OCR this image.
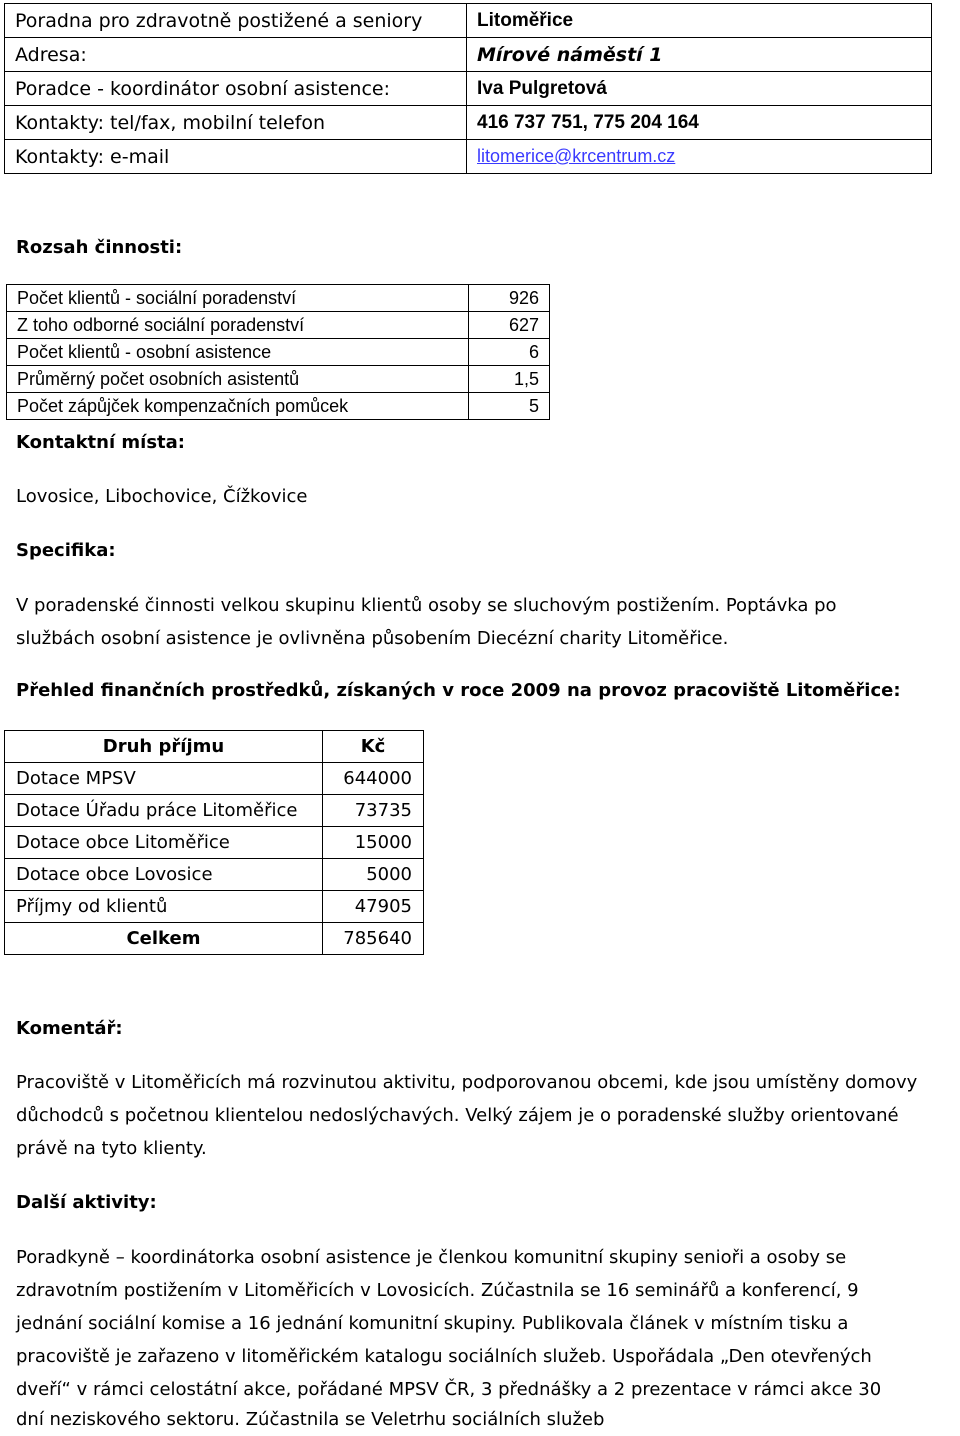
Poradna pro zdravotně postižené a seniory	Litoměřice
Adresa:	Mírové náměstí 1
Poradce - koordinátor osobní asistence:	Iva Pulgretová
Kontakty: tel/fax, mobilní telefon	416 737 751, 775 204 164
Kontakty: e-mail	litomerice@krcentrum.cz
Rozsah činnosti:
Počet klientů - sociální poradenství	926
Z toho odborné sociální poradenství	627
Počet klientů - osobní asistence	6
Průměrný počet osobních asistentů	1,5
Počet zápůjček kompenzačních pomůcek	5
Kontaktní místa:
Lovosice, Libochovice, Čížkovice
Specifika:
V poradenské činnosti velkou skupinu klientů osoby se sluchovým postižením. Poptávka po
službách osobní asistence je ovlivněna působením Diecézní charity Litoměřice.
Přehled finančních prostředků, získaných v roce 2009 na provoz pracoviště Litoměřice:
Druh příjmu	Kč
Dotace MPSV	644000
Dotace Úřadu práce Litoměřice	73735
Dotace obce Litoměřice	15000
Dotace obce Lovosice	5000
Příjmy od klientů	47905
Celkem	785640
Komentář:
Pracoviště v Litoměřicích má rozvinutou aktivitu, podporovanou obcemi, kde jsou umístěny domovy
důchodců s početnou klientelou nedoslýchavých. Velký zájem je o poradenské služby orientované
právě na tyto klienty.
Další aktivity:
Poradkyně – koordinátorka osobní asistence je členkou komunitní skupiny senioři a osoby se
zdravotním postižením v Litoměřicích v Lovosicích. Zúčastnila se 16 seminářů a konferencí, 9
jednání sociální komise a 16 jednání komunitní skupiny. Publikovala článek v místním tisku a
pracoviště je zařazeno v litoměřickém katalogu sociálních služeb. Uspořádala „Den otevřených
dveří“ v rámci celostátní akce, pořádané MPSV ČR, 3 přednášky a 2 prezentace v rámci akce 30
dní neziskového sektoru. Zúčastnila se Veletrhu sociálních služeb
